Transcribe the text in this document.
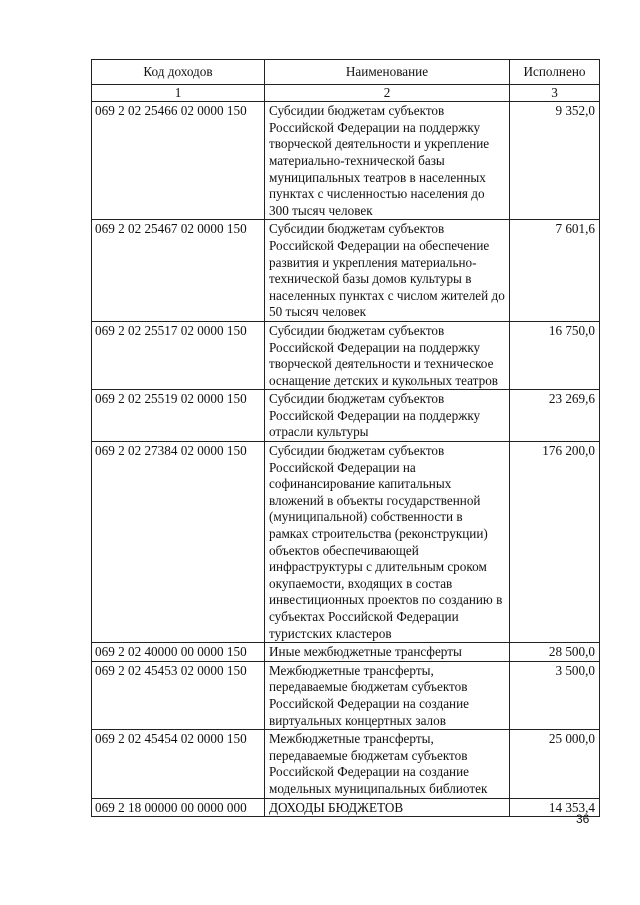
Код доходов	Наименование	Исполнено
1	2	3
069 2 02 25466 02 0000 150	Субсидии бюджетам субъектов Российской Федерации на поддержку творческой деятельности и укрепление материально-технической базы муниципальных театров в населенных пунктах с численностью населения до 300 тысяч человек	9 352,0
069 2 02 25467 02 0000 150	Субсидии бюджетам субъектов Российской Федерации на обеспечение развития и укрепления материально-технической базы домов культуры в населенных пунктах с числом жителей до 50 тысяч человек	7 601,6
069 2 02 25517 02 0000 150	Субсидии бюджетам субъектов Российской Федерации на поддержку творческой деятельности и техническое оснащение детских и кукольных театров	16 750,0
069 2 02 25519 02 0000 150	Субсидии бюджетам субъектов Российской Федерации на поддержку отрасли культуры	23 269,6
069 2 02 27384 02 0000 150	Субсидии бюджетам субъектов Российской Федерации на софинансирование капитальных вложений в объекты государственной (муниципальной) собственности в рамках строительства (реконструкции) объектов обеспечивающей инфраструктуры с длительным сроком окупаемости, входящих в состав инвестиционных проектов по созданию в субъектах Российской Федерации туристских кластеров	176 200,0
069 2 02 40000 00 0000 150	Иные межбюджетные трансферты	28 500,0
069 2 02 45453 02 0000 150	Межбюджетные трансферты, передаваемые бюджетам субъектов Российской Федерации на создание виртуальных концертных залов	3 500,0
069 2 02 45454 02 0000 150	Межбюджетные трансферты, передаваемые бюджетам субъектов Российской Федерации на создание модельных муниципальных библиотек	25 000,0
069 2 18 00000 00 0000 000	ДОХОДЫ БЮДЖЕТОВ	14 353,4
36
